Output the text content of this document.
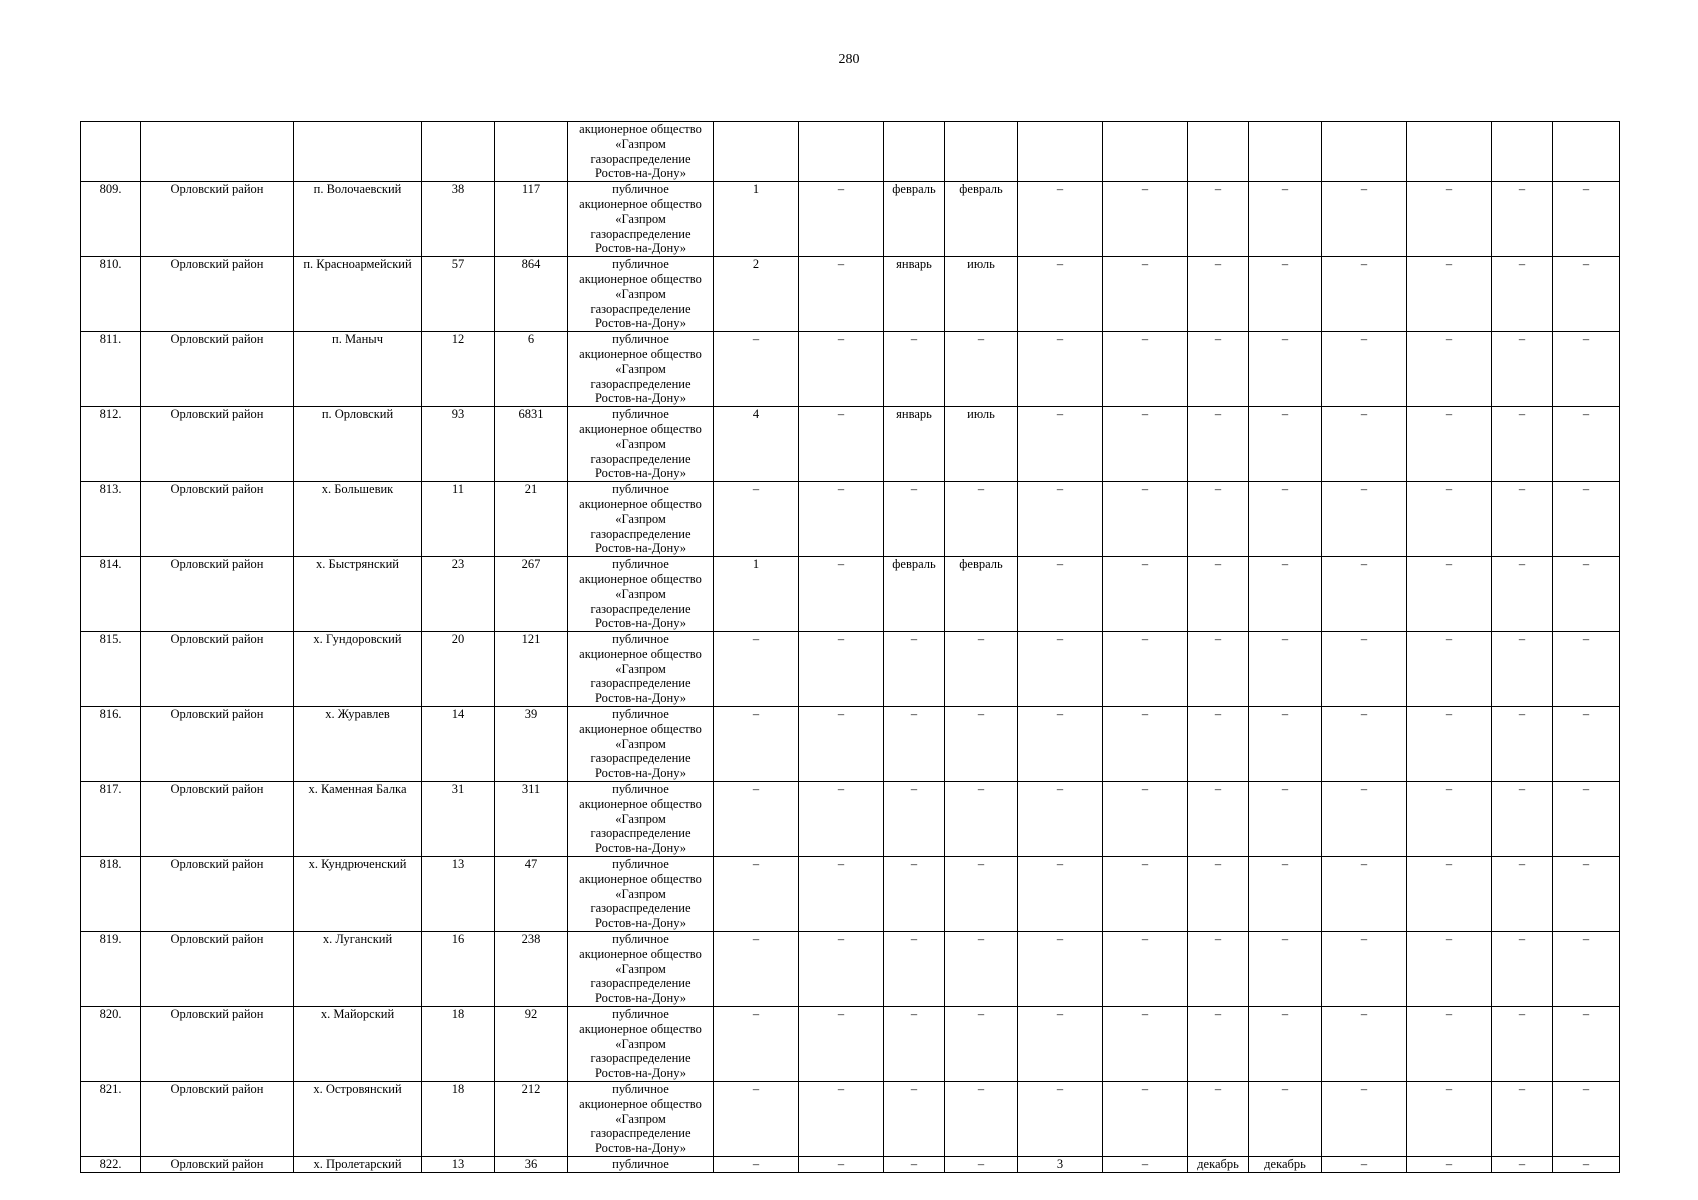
280

					акционерное общество
«Газпром
газораспределение
Ростов-на-Дону»												

809.	Орловский район	п. Волочаевский	38	117	публичное
акционерное общество
«Газпром
газораспределение
Ростов-на-Дону»	1	–	февраль	февраль	–	–	–	–	–	–	–	–
810.	Орловский район	п. Красноармейский	57	864	публичное
акционерное общество
«Газпром
газораспределение
Ростов-на-Дону»	2	–	январь	июль	–	–	–	–	–	–	–	–
811.	Орловский район	п. Маныч	12	6	публичное
акционерное общество
«Газпром
газораспределение
Ростов-на-Дону»	–	–	–	–	–	–	–	–	–	–	–	–
812.	Орловский район	п. Орловский	93	6831	публичное
акционерное общество
«Газпром
газораспределение
Ростов-на-Дону»	4	–	январь	июль	–	–	–	–	–	–	–	–
813.	Орловский район	х. Большевик	11	21	публичное
акционерное общество
«Газпром
газораспределение
Ростов-на-Дону»	–	–	–	–	–	–	–	–	–	–	–	–
814.	Орловский район	х. Быстрянский	23	267	публичное
акционерное общество
«Газпром
газораспределение
Ростов-на-Дону»	1	–	февраль	февраль	–	–	–	–	–	–	–	–
815.	Орловский район	х. Гундоровский	20	121	публичное
акционерное общество
«Газпром
газораспределение
Ростов-на-Дону»	–	–	–	–	–	–	–	–	–	–	–	–
816.	Орловский район	х. Журавлев	14	39	публичное
акционерное общество
«Газпром
газораспределение
Ростов-на-Дону»	–	–	–	–	–	–	–	–	–	–	–	–
817.	Орловский район	х. Каменная Балка	31	311	публичное
акционерное общество
«Газпром
газораспределение
Ростов-на-Дону»	–	–	–	–	–	–	–	–	–	–	–	–
818.	Орловский район	х. Кундрюченский	13	47	публичное
акционерное общество
«Газпром
газораспределение
Ростов-на-Дону»	–	–	–	–	–	–	–	–	–	–	–	–
819.	Орловский район	х. Луганский	16	238	публичное
акционерное общество
«Газпром
газораспределение
Ростов-на-Дону»	–	–	–	–	–	–	–	–	–	–	–	–
820.	Орловский район	х. Майорский	18	92	публичное
акционерное общество
«Газпром
газораспределение
Ростов-на-Дону»	–	–	–	–	–	–	–	–	–	–	–	–
821.	Орловский район	х. Островянский	18	212	публичное
акционерное общество
«Газпром
газораспределение
Ростов-на-Дону»	–	–	–	–	–	–	–	–	–	–	–	–
822.	Орловский район	х. Пролетарский	13	36	публичное	–	–	–	–	3	–	декабрь	декабрь	–	–	–	–
